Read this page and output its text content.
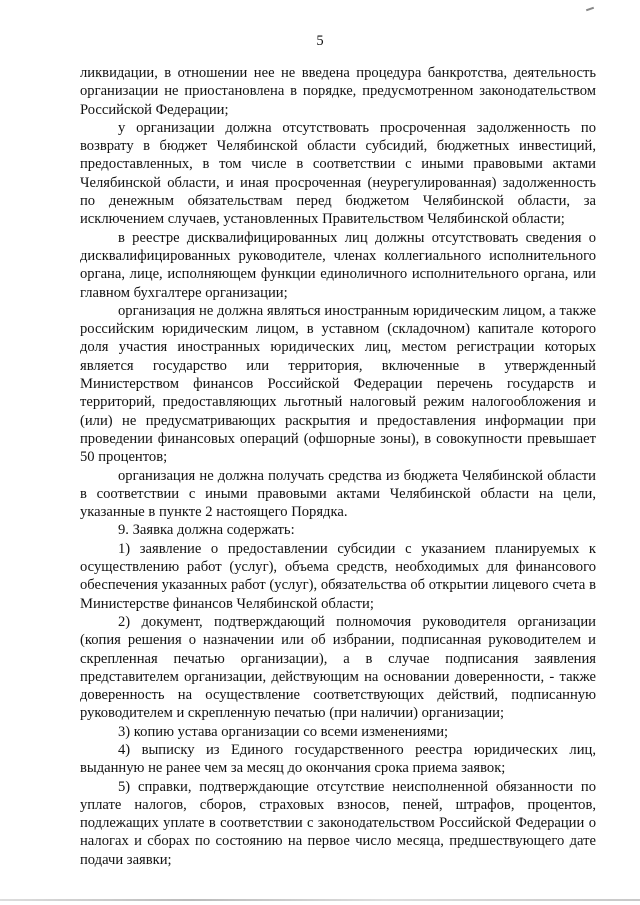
5

ликвидации, в отношении нее не введена процедура банкротства, деятельность организации не приостановлена в порядке, предусмотренном законодательством Российской Федерации;

у организации должна отсутствовать просроченная задолженность по возврату в бюджет Челябинской области субсидий, бюджетных инвестиций, предоставленных, в том числе в соответствии с иными правовыми актами Челябинской области, и иная просроченная (неурегулированная) задолженность по денежным обязательствам перед бюджетом Челябинской области, за исключением случаев, установленных Правительством Челябинской области;

в реестре дисквалифицированных лиц должны отсутствовать сведения о дисквалифицированных руководителе, членах коллегиального исполнительного органа, лице, исполняющем функции единоличного исполнительного органа, или главном бухгалтере организации;

организация не должна являться иностранным юридическим лицом, а также российским юридическим лицом, в уставном (складочном) капитале которого доля участия иностранных юридических лиц, местом регистрации которых является государство или территория, включенные в утвержденный Министерством финансов Российской Федерации перечень государств и территорий, предоставляющих льготный налоговый режим налогообложения и (или) не предусматривающих раскрытия и предоставления информации при проведении финансовых операций (офшорные зоны), в совокупности превышает 50 процентов;

организация не должна получать средства из бюджета Челябинской области в соответствии с иными правовыми актами Челябинской области на цели, указанные в пункте 2 настоящего Порядка.

9. Заявка должна содержать:

1) заявление о предоставлении субсидии с указанием планируемых к осуществлению работ (услуг), объема средств, необходимых для финансового обеспечения указанных работ (услуг), обязательства об открытии лицевого счета в Министерстве финансов Челябинской области;

2) документ, подтверждающий полномочия руководителя организации (копия решения о назначении или об избрании, подписанная руководителем и скрепленная печатью организации), а в случае подписания заявления представителем организации, действующим на основании доверенности, - также доверенность на осуществление соответствующих действий, подписанную руководителем и скрепленную печатью (при наличии) организации;

3) копию устава организации со всеми изменениями;

4) выписку из Единого государственного реестра юридических лиц, выданную не ранее чем за месяц до окончания срока приема заявок;

5) справки, подтверждающие отсутствие неисполненной обязанности по уплате налогов, сборов, страховых взносов, пеней, штрафов, процентов, подлежащих уплате в соответствии с законодательством Российской Федерации о налогах и сборах по состоянию на первое число месяца, предшествующего дате подачи заявки;
